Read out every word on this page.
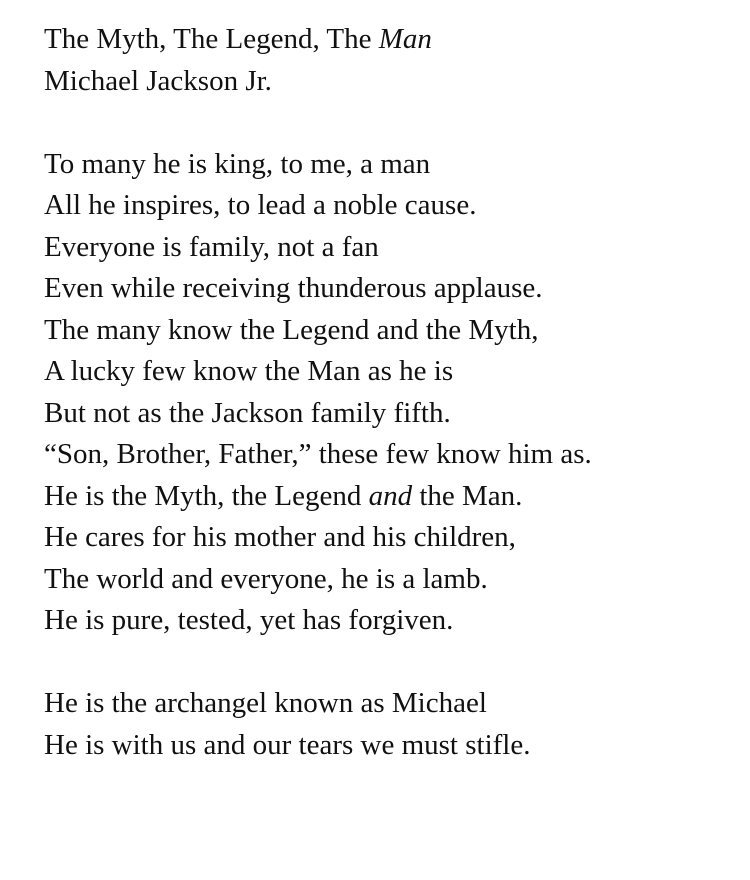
The Myth, The Legend, The Man
Michael Jackson Jr.
To many he is king, to me, a man
All he inspires, to lead a noble cause.
Everyone is family, not a fan
Even while receiving thunderous applause.
The many know the Legend and the Myth,
A lucky few know the Man as he is
But not as the Jackson family fifth.
“Son, Brother, Father,” these few know him as.
He is the Myth, the Legend and the Man.
He cares for his mother and his children,
The world and everyone, he is a lamb.
He is pure, tested, yet has forgiven.
He is the archangel known as Michael
He is with us and our tears we must stifle.
